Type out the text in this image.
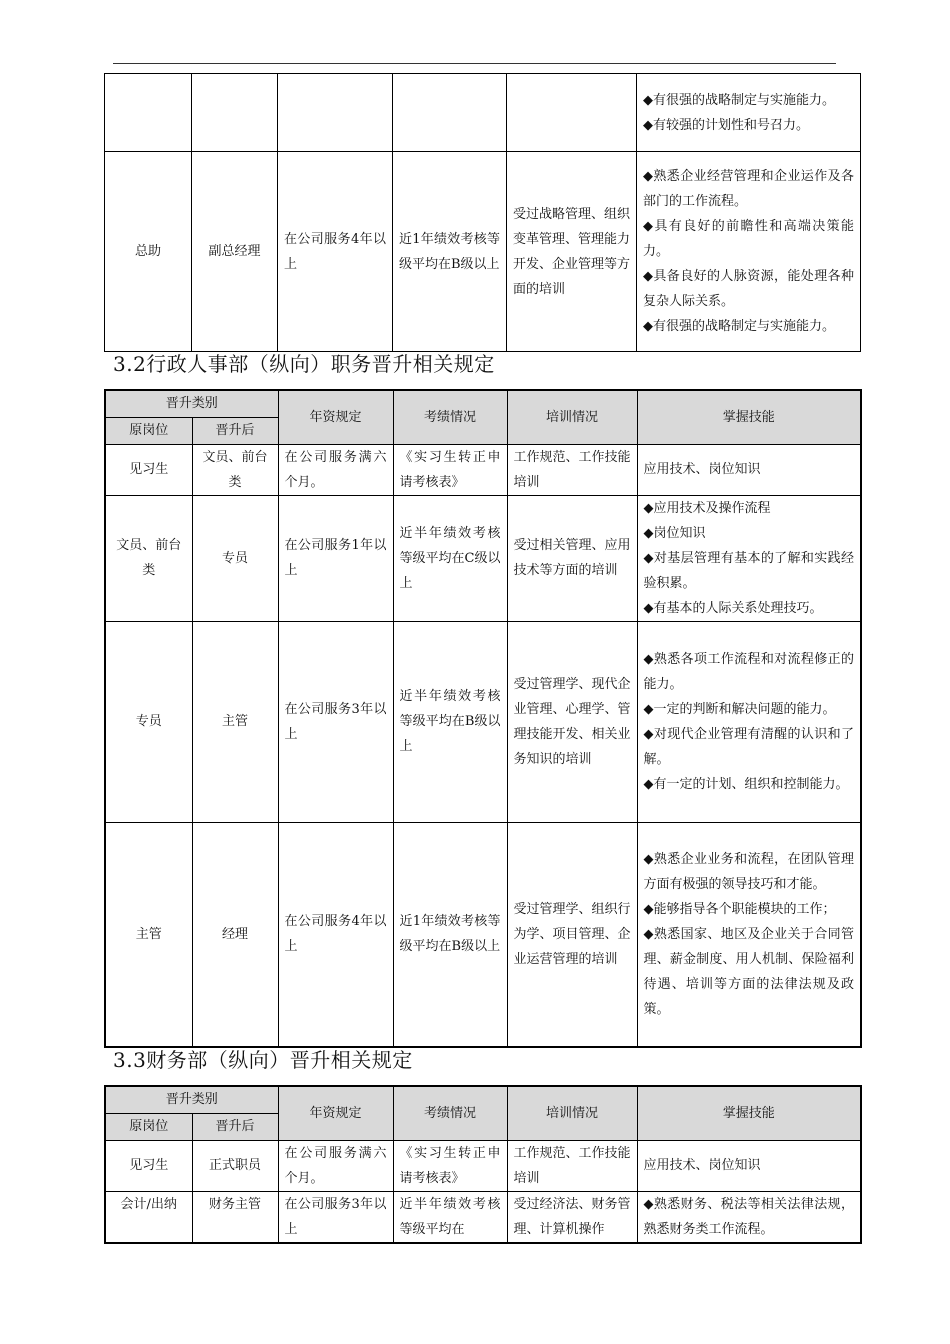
					◆有很强的战略制定与实施能力。
◆有较强的计划性和号召力。

总助	副总经理	在公司服务4年以上	近1年绩效考核等级平均在B级以上	受过战略管理、组织变革管理、管理能力开发、企业管理等方面的培训	◆熟悉企业经营管理和企业运作及各部门的工作流程。
◆具有良好的前瞻性和高端决策能力。
◆具备良好的人脉资源，能处理各种复杂人际关系。
◆有很强的战略制定与实施能力。
3.2行政人事部（纵向）职务晋升相关规定
晋升类别		年资规定	考绩情况	培训情况	掌握技能
原岗位	晋升后				
见习生	文员、前台类	在公司服务满六个月。	《实习生转正申请考核表》	工作规范、工作技能培训	应用技术、岗位知识

文员、前台类	专员	在公司服务1年以上	近半年绩效考核等级平均在C级以上	受过相关管理、应用技术等方面的培训	◆应用技术及操作流程
◆岗位知识
◆对基层管理有基本的了解和实践经验积累。
◆有基本的人际关系处理技巧。

专员	主管	在公司服务3年以上	近半年绩效考核等级平均在B级以上	受过管理学、现代企业管理、心理学、管理技能开发、相关业务知识的培训	◆熟悉各项工作流程和对流程修正的能力。
◆一定的判断和解决问题的能力。
◆对现代企业管理有清醒的认识和了解。
◆有一定的计划、组织和控制能力。

主管	经理	在公司服务4年以上	近1年绩效考核等级平均在B级以上	受过管理学、组织行为学、项目管理、企业运营管理的培训	◆熟悉企业业务和流程，在团队管理方面有极强的领导技巧和才能。
◆能够指导各个职能模块的工作；
◆熟悉国家、地区及企业关于合同管理、薪金制度、用人机制、保险福利待遇、培训等方面的法律法规及政策。
3.3财务部（纵向）晋升相关规定
晋升类别		年资规定	考绩情况	培训情况	掌握技能
原岗位	晋升后				
见习生	正式职员	在公司服务满六个月。	《实习生转正申请考核表》	工作规范、工作技能培训	应用技术、岗位知识

会计/出纳	财务主管	在公司服务3年以上	近半年绩效考核等级平均在	受过经济法、财务管理、计算机操作	◆熟悉财务、税法等相关法律法规，熟悉财务类工作流程。
